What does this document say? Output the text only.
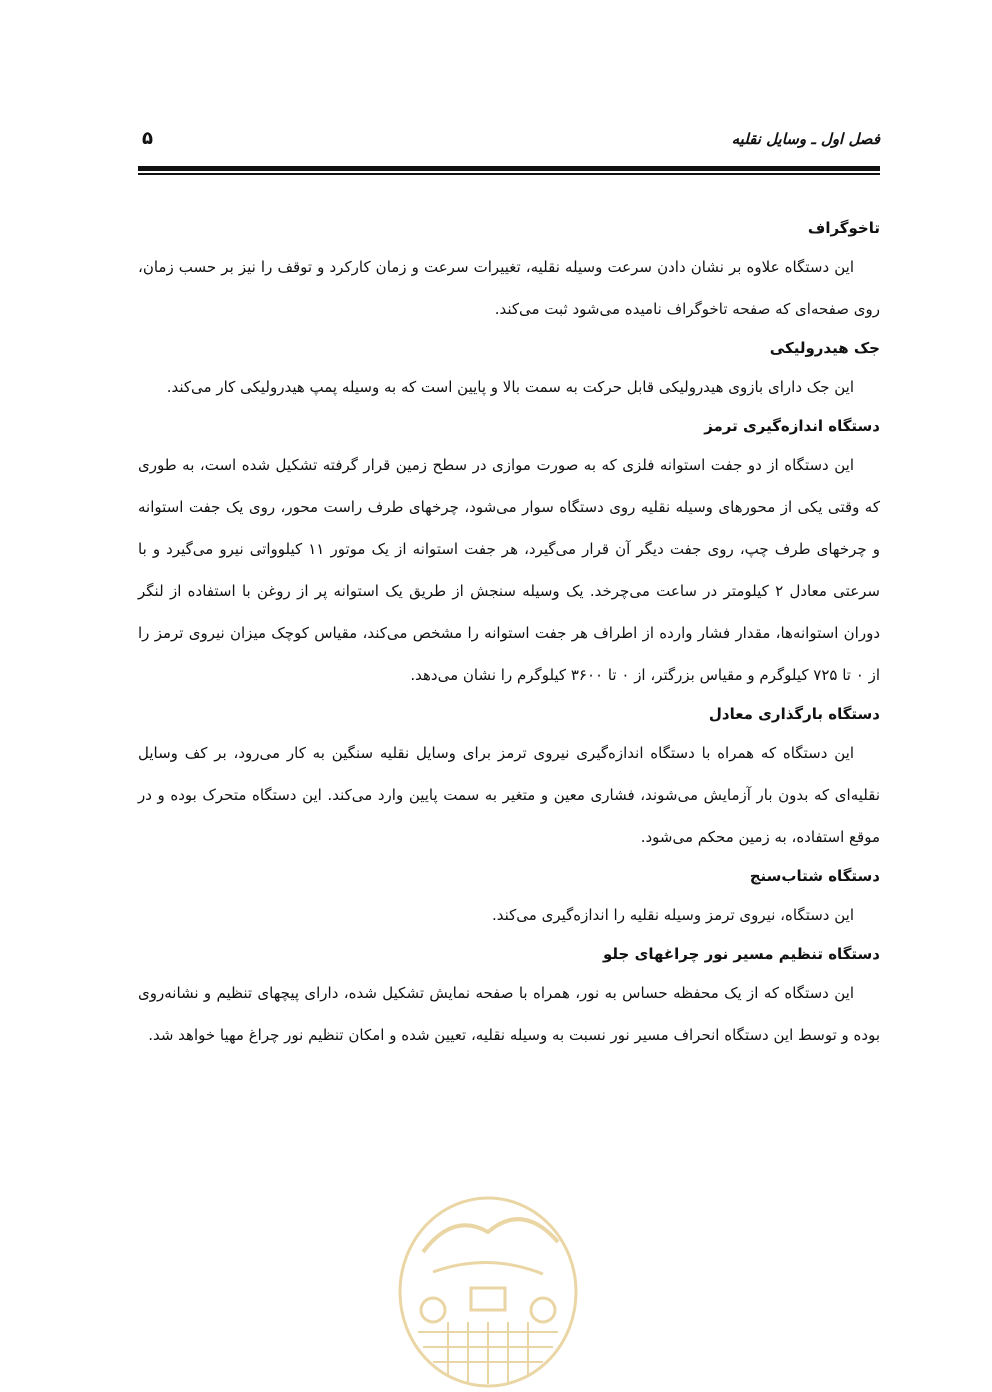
فصل اول ـ وسایل نقلیه
۵
تاخوگراف

این دستگاه علاوه بر نشان دادن سرعت وسیله نقلیه، تغییرات سرعت و زمان کارکرد و توقف را نیز بر حسب زمان، روی صفحه‌ای که صفحه تاخوگراف نامیده می‌شود ثبت می‌کند.

جک هیدرولیکی

این جک دارای بازوی هیدرولیکی قابل حرکت به سمت بالا و پایین است که به وسیله پمپ هیدرولیکی کار می‌کند.

دستگاه اندازه‌گیری ترمز

این دستگاه از دو جفت استوانه فلزی که به صورت موازی در سطح زمین قرار گرفته تشکیل شده است، به طوری که وقتی یکی از محورهای وسیله نقلیه روی دستگاه سوار می‌شود، چرخهای طرف راست محور، روی یک جفت استوانه و چرخهای طرف چپ، روی جفت دیگر آن قرار می‌گیرد، هر جفت استوانه از یک موتور ۱۱ کیلوواتی نیرو می‌گیرد و با سرعتی معادل ۲ کیلومتر در ساعت می‌چرخد. یک وسیله سنجش از طریق یک استوانه پر از روغن با استفاده از لنگر دوران استوانه‌ها، مقدار فشار وارده از اطراف هر جفت استوانه را مشخص می‌کند، مقیاس کوچک میزان نیروی ترمز را از ۰ تا ۷۲۵ کیلوگرم و مقیاس بزرگتر، از ۰ تا ۳۶۰۰ کیلوگرم را نشان می‌دهد.

دستگاه بارگذاری معادل

این دستگاه که همراه با دستگاه اندازه‌گیری نیروی ترمز برای وسایل نقلیه سنگین به کار می‌رود، بر کف وسایل نقلیه‌ای که بدون بار آزمایش می‌شوند، فشاری معین و متغیر به سمت پایین وارد می‌کند. این دستگاه متحرک بوده و در موقع استفاده، به زمین محکم می‌شود.

دستگاه شتاب‌سنج

این دستگاه، نیروی ترمز وسیله نقلیه را اندازه‌گیری می‌کند.

دستگاه تنظیم مسیر نور چراغهای جلو

این دستگاه که از یک محفظه حساس به نور، همراه با صفحه نمایش تشکیل شده، دارای پیچهای تنظیم و نشانه‌روی بوده و توسط این دستگاه انحراف مسیر نور نسبت به وسیله نقلیه، تعیین شده و امکان تنظیم نور چراغ مهیا خواهد شد.
